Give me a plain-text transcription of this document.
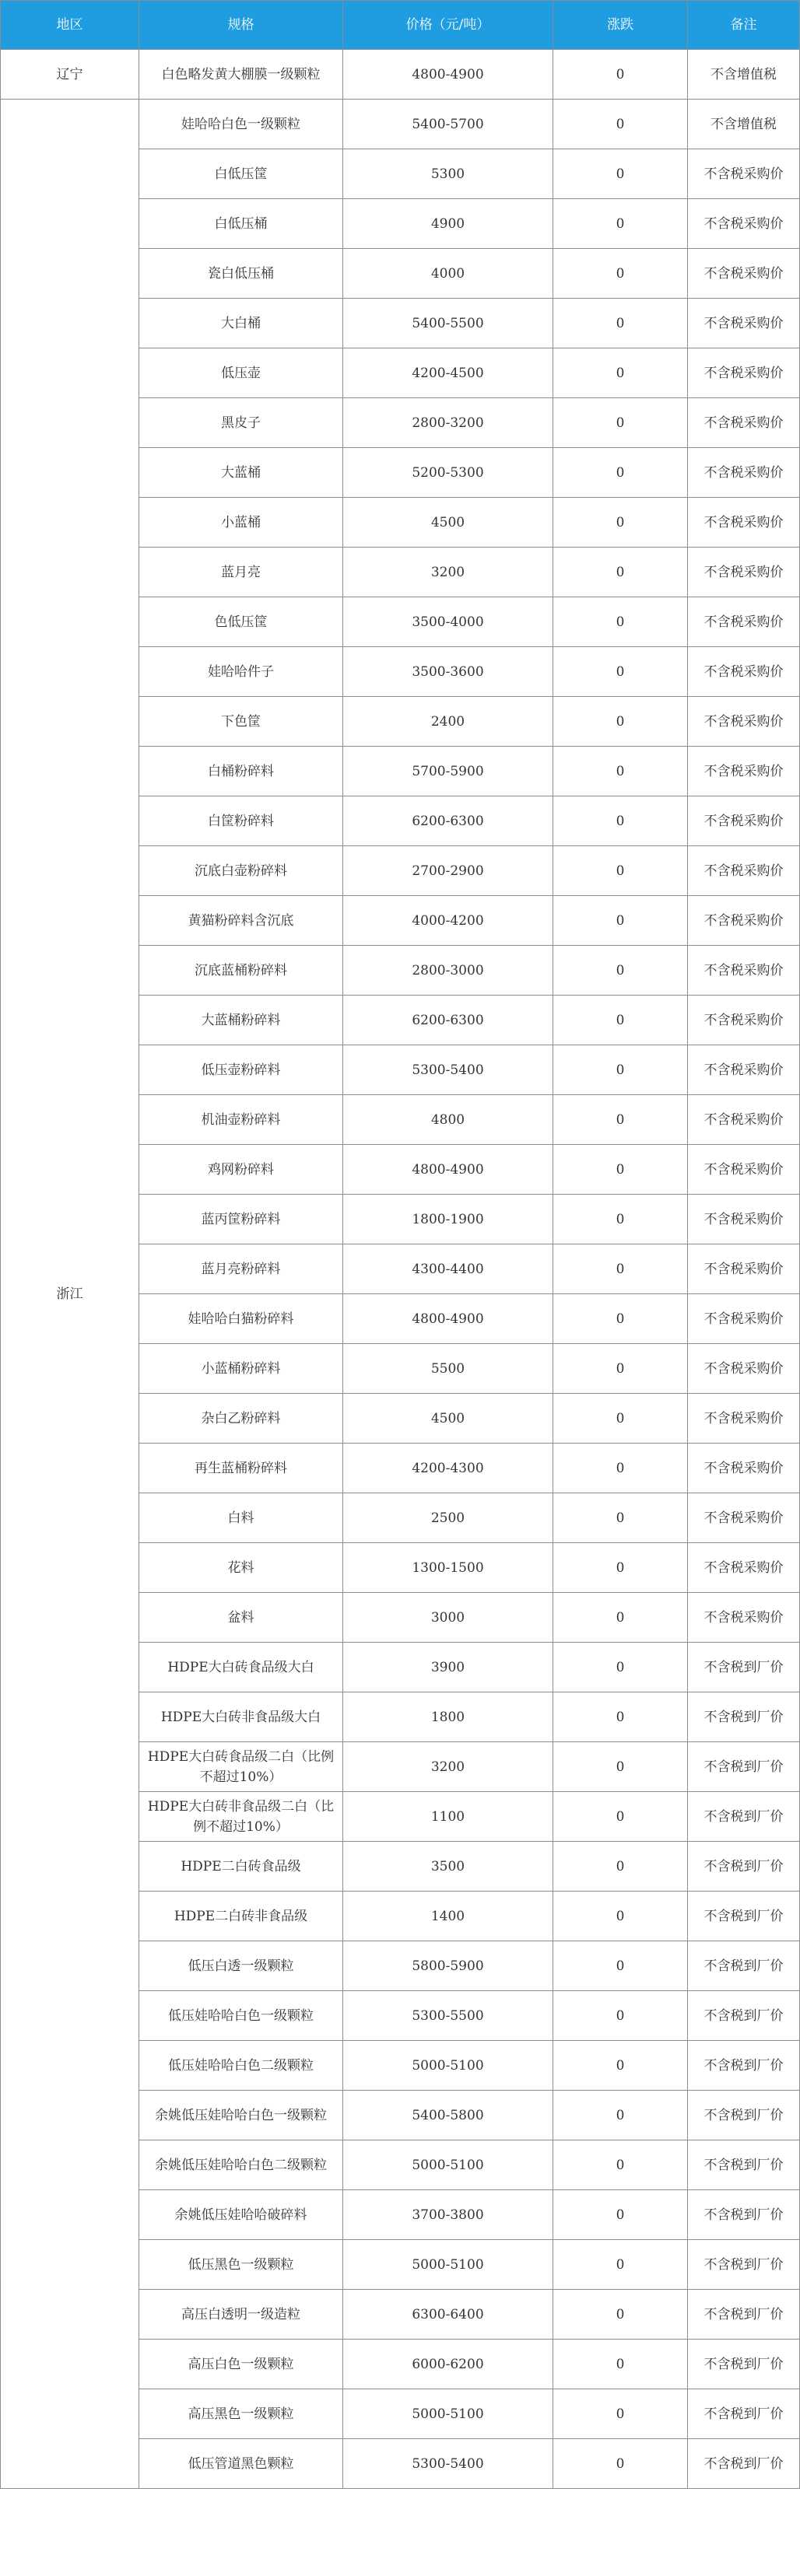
地区	规格	价格（元/吨）	涨跌	备注
辽宁	白色略发黄大棚膜一级颗粒	4800-4900	0	不含增值税
浙江	娃哈哈白色一级颗粒	5400-5700	0	不含增值税
	白低压筐	5300	0	不含税采购价
	白低压桶	4900	0	不含税采购价
	瓷白低压桶	4000	0	不含税采购价
	大白桶	5400-5500	0	不含税采购价
	低压壶	4200-4500	0	不含税采购价
	黑皮子	2800-3200	0	不含税采购价
	大蓝桶	5200-5300	0	不含税采购价
	小蓝桶	4500	0	不含税采购价
	蓝月亮	3200	0	不含税采购价
	色低压筐	3500-4000	0	不含税采购价
	娃哈哈件子	3500-3600	0	不含税采购价
	下色筐	2400	0	不含税采购价
	白桶粉碎料	5700-5900	0	不含税采购价
	白筐粉碎料	6200-6300	0	不含税采购价
	沉底白壶粉碎料	2700-2900	0	不含税采购价
	黄猫粉碎料含沉底	4000-4200	0	不含税采购价
	沉底蓝桶粉碎料	2800-3000	0	不含税采购价
	大蓝桶粉碎料	6200-6300	0	不含税采购价
	低压壶粉碎料	5300-5400	0	不含税采购价
	机油壶粉碎料	4800	0	不含税采购价
	鸡网粉碎料	4800-4900	0	不含税采购价
	蓝丙筐粉碎料	1800-1900	0	不含税采购价
	蓝月亮粉碎料	4300-4400	0	不含税采购价
	娃哈哈白猫粉碎料	4800-4900	0	不含税采购价
	小蓝桶粉碎料	5500	0	不含税采购价
	杂白乙粉碎料	4500	0	不含税采购价
	再生蓝桶粉碎料	4200-4300	0	不含税采购价
	白料	2500	0	不含税采购价
	花料	1300-1500	0	不含税采购价
	盆料	3000	0	不含税采购价
	HDPE大白砖食品级大白	3900	0	不含税到厂价
	HDPE大白砖非食品级大白	1800	0	不含税到厂价
	HDPE大白砖食品级二白（比例不超过10%）	3200	0	不含税到厂价
	HDPE大白砖非食品级二白（比例不超过10%）	1100	0	不含税到厂价
	HDPE二白砖食品级	3500	0	不含税到厂价
	HDPE二白砖非食品级	1400	0	不含税到厂价
	低压白透一级颗粒	5800-5900	0	不含税到厂价
	低压娃哈哈白色一级颗粒	5300-5500	0	不含税到厂价
	低压娃哈哈白色二级颗粒	5000-5100	0	不含税到厂价
	余姚低压娃哈哈白色一级颗粒	5400-5800	0	不含税到厂价
	余姚低压娃哈哈白色二级颗粒	5000-5100	0	不含税到厂价
	余姚低压娃哈哈破碎料	3700-3800	0	不含税到厂价
	低压黑色一级颗粒	5000-5100	0	不含税到厂价
	高压白透明一级造粒	6300-6400	0	不含税到厂价
	高压白色一级颗粒	6000-6200	0	不含税到厂价
	高压黑色一级颗粒	5000-5100	0	不含税到厂价
	低压管道黑色颗粒	5300-5400	0	不含税到厂价
